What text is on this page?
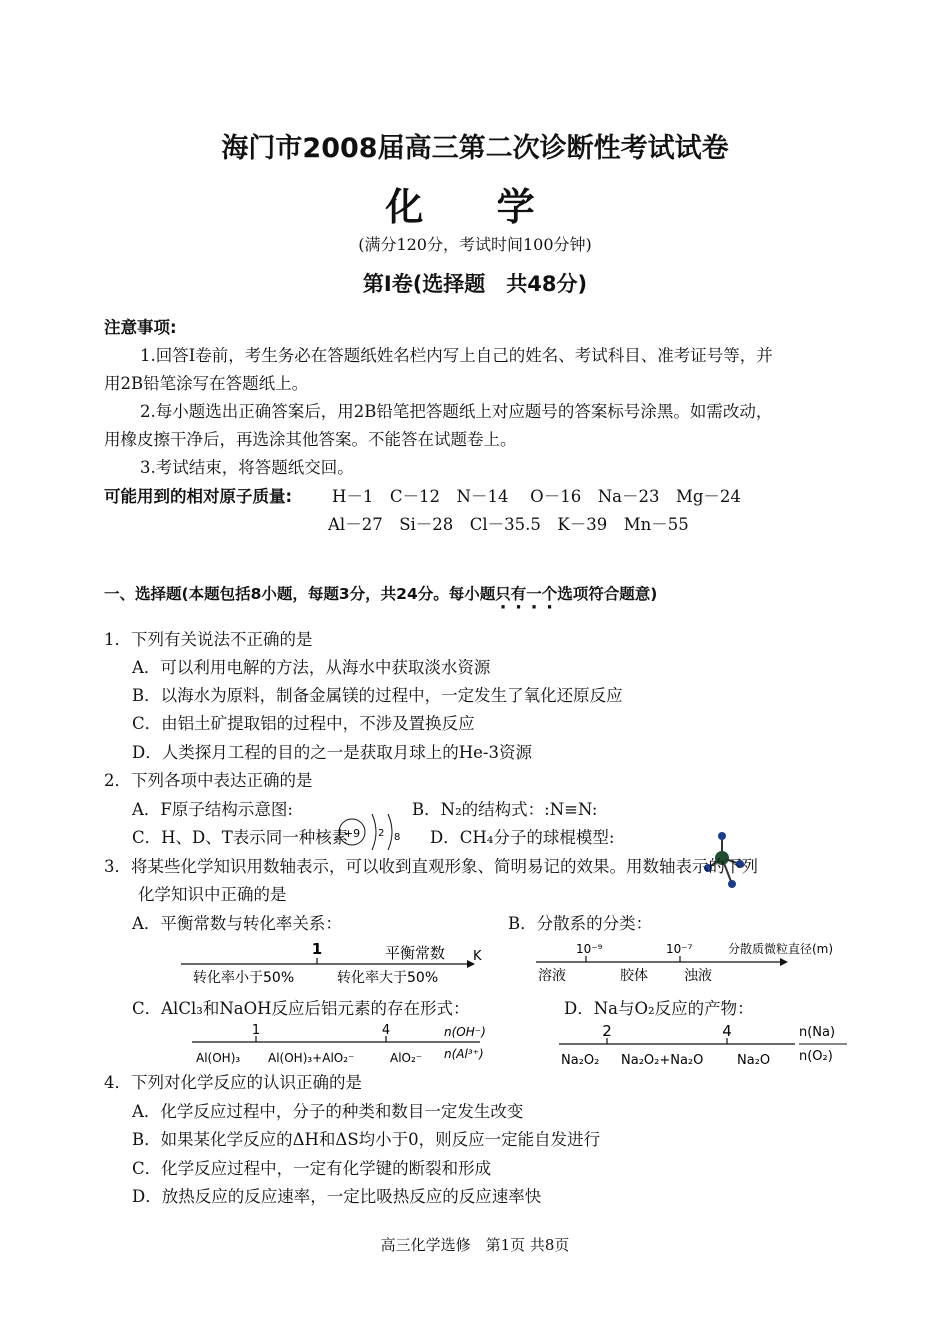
海门市2008届高三第二次诊断性考试试卷
化 学
(满分120分，考试时间100分钟)
第Ⅰ卷(选择题　共48分)
注意事项:
1.回答Ⅰ卷前，考生务必在答题纸姓名栏内写上自己的姓名、考试科目、准考证号等，并
用2B铅笔涂写在答题纸上。
2.每小题选出正确答案后，用2B铅笔把答题纸上对应题号的答案标号涂黑。如需改动，
用橡皮擦干净后，再选涂其他答案。不能答在试题卷上。
3.考试结束，将答题纸交回。
可能用到的相对原子质量: H－1　C－12　N－14　 O－16　Na－23　Mg－24
Al－27　Si－28　Cl－35.5　K－39　Mn－55
一、选择题(本题包括8小题，每题3分，共24分。每小题只有一个选项符合题意)
1．下列有关说法不正确的是
A．可以利用电解的方法，从海水中获取淡水资源
B．以海水为原料，制备金属镁的过程中，一定发生了氧化还原反应
C．由铝土矿提取铝的过程中，不涉及置换反应
D．人类探月工程的目的之一是获取月球上的He-3资源
2．下列各项中表达正确的是
A．F原子结构示意图:	B．N₂的结构式：:N≡N:
C．H、D、T表示同一种核素	D．CH₄分子的球棍模型:
+9 2 8
3．将某些化学知识用数轴表示，可以收到直观形象、简明易记的效果。用数轴表示的下列
化学知识中正确的是
A．平衡常数与转化率关系：	B．分散系的分类：
1	平衡常数 K
转化率小于50%	转化率大于50%
10⁻⁹	10⁻⁷	分散质微粒直径(m)
溶液	胶体	浊液
C．AlCl₃和NaOH反应后铝元素的存在形式：	D．Na与O₂反应的产物：
1	4	n(OH⁻)
n(Al³⁺)
Al(OH)₃ Al(OH)₃+AlO₂⁻	AlO₂⁻
2	4	n(Na)
n(O₂)
Na₂O₂ Na₂O₂+Na₂O	Na₂O
4．下列对化学反应的认识正确的是
A．化学反应过程中，分子的种类和数目一定发生改变
B．如果某化学反应的ΔH和ΔS均小于0，则反应一定能自发进行
C．化学反应过程中，一定有化学键的断裂和形成
D．放热反应的反应速率，一定比吸热反应的反应速率快
高三化学选修　第1页 共8页
